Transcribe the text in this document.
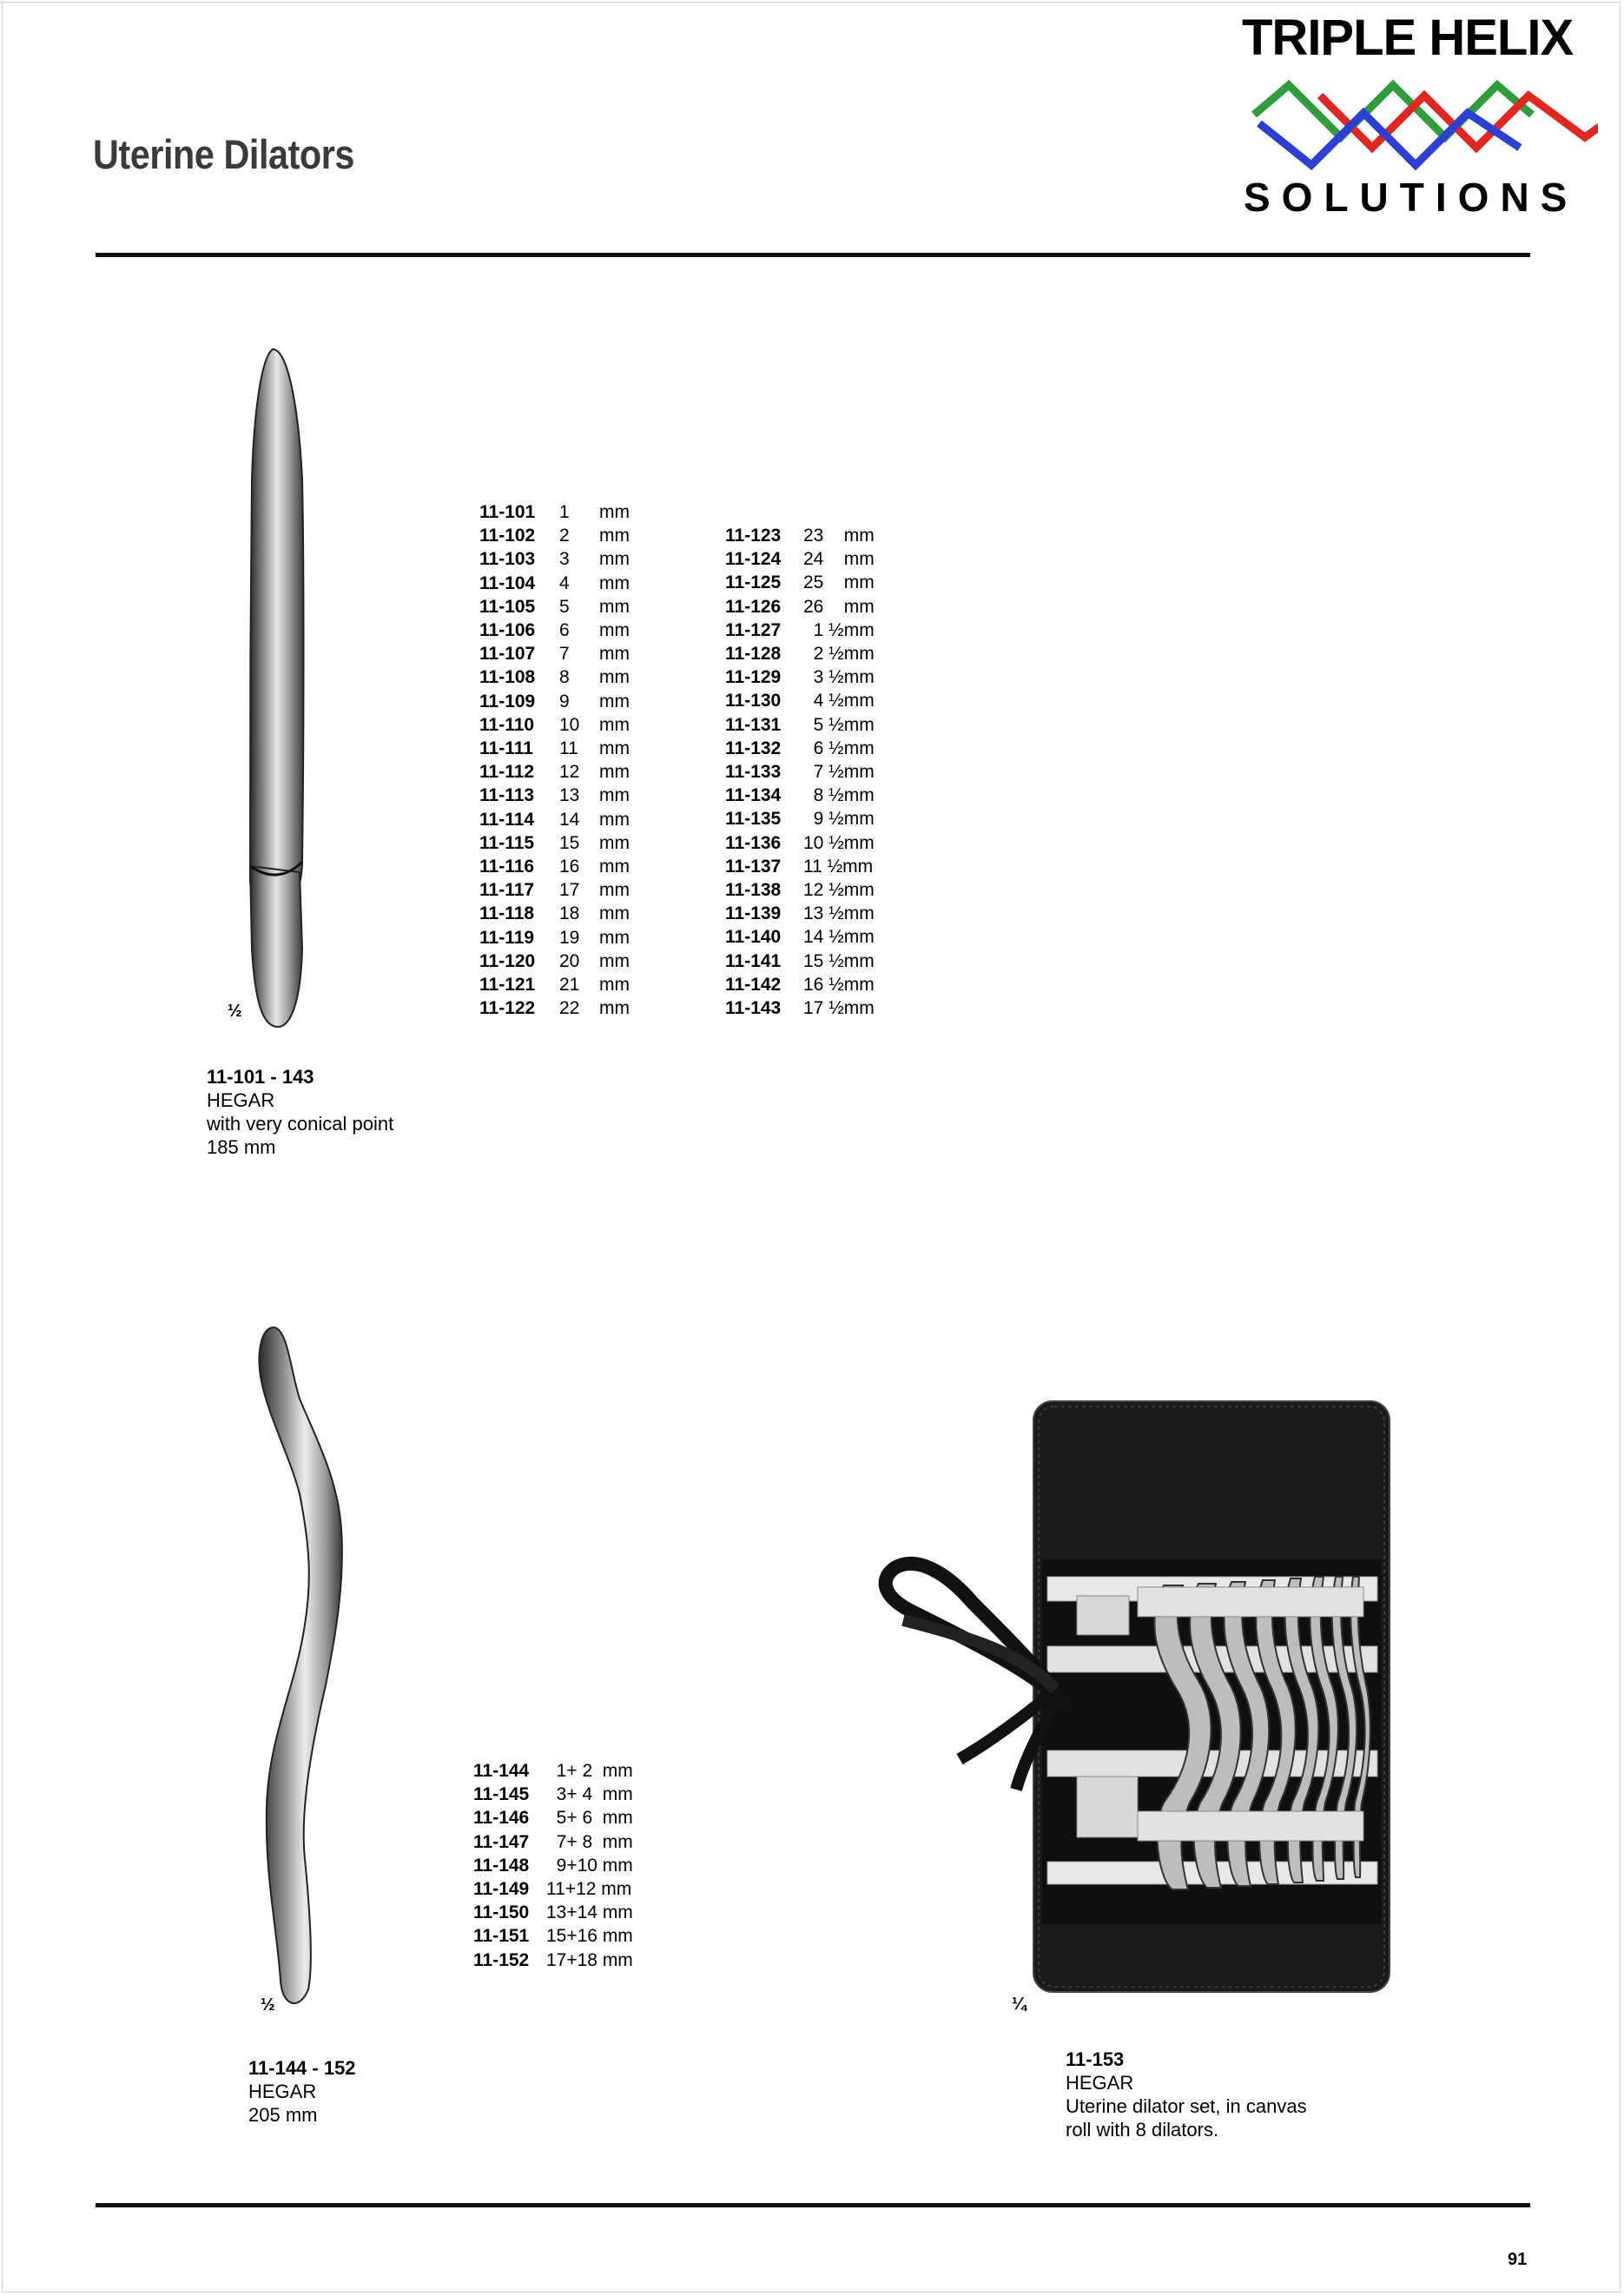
Uterine Dilators
TRIPLE HELIX
SOLUTIONS
½
11-101	1	mm
11-102	2	mm
11-103	3	mm
11-104	4	mm
11-105	5	mm
11-106	6	mm
11-107	7	mm
11-108	8	mm
11-109	9	mm
11-110	10	mm
11-111	11	mm
11-112	12	mm
11-113	13	mm
11-114	14	mm
11-115	15	mm
11-116	16	mm
11-117	17	mm
11-118	18	mm
11-119	19	mm
11-120	20	mm
11-121	21	mm
11-122	22	mm
11-123	23    mm
11-124	24    mm
11-125	25    mm
11-126	26    mm
11-127	1 ½mm
11-128	2 ½mm
11-129	3 ½mm
11-130	4 ½mm
11-131	5 ½mm
11-132	6 ½mm
11-133	7 ½mm
11-134	8 ½mm
11-135	9 ½mm
11-136	10 ½mm
11-137	11 ½mm
11-138	12 ½mm
11-139	13 ½mm
11-140	14 ½mm
11-141	15 ½mm
11-142	16 ½mm
11-143	17 ½mm
11-101 - 143
HEGAR
with very conical point
185 mm
½
11-144 1+ 2  mm
11-145 3+ 4  mm
11-146 5+ 6  mm
11-147 7+ 8  mm
11-148 9+10 mm
11-149 11+12 mm
11-150 13+14 mm
11-151 15+16 mm
11-152 17+18 mm
11-144 - 152
HEGAR
205 mm
¼
11-153
HEGAR
Uterine dilator set, in canvas
roll with 8 dilators.
91
